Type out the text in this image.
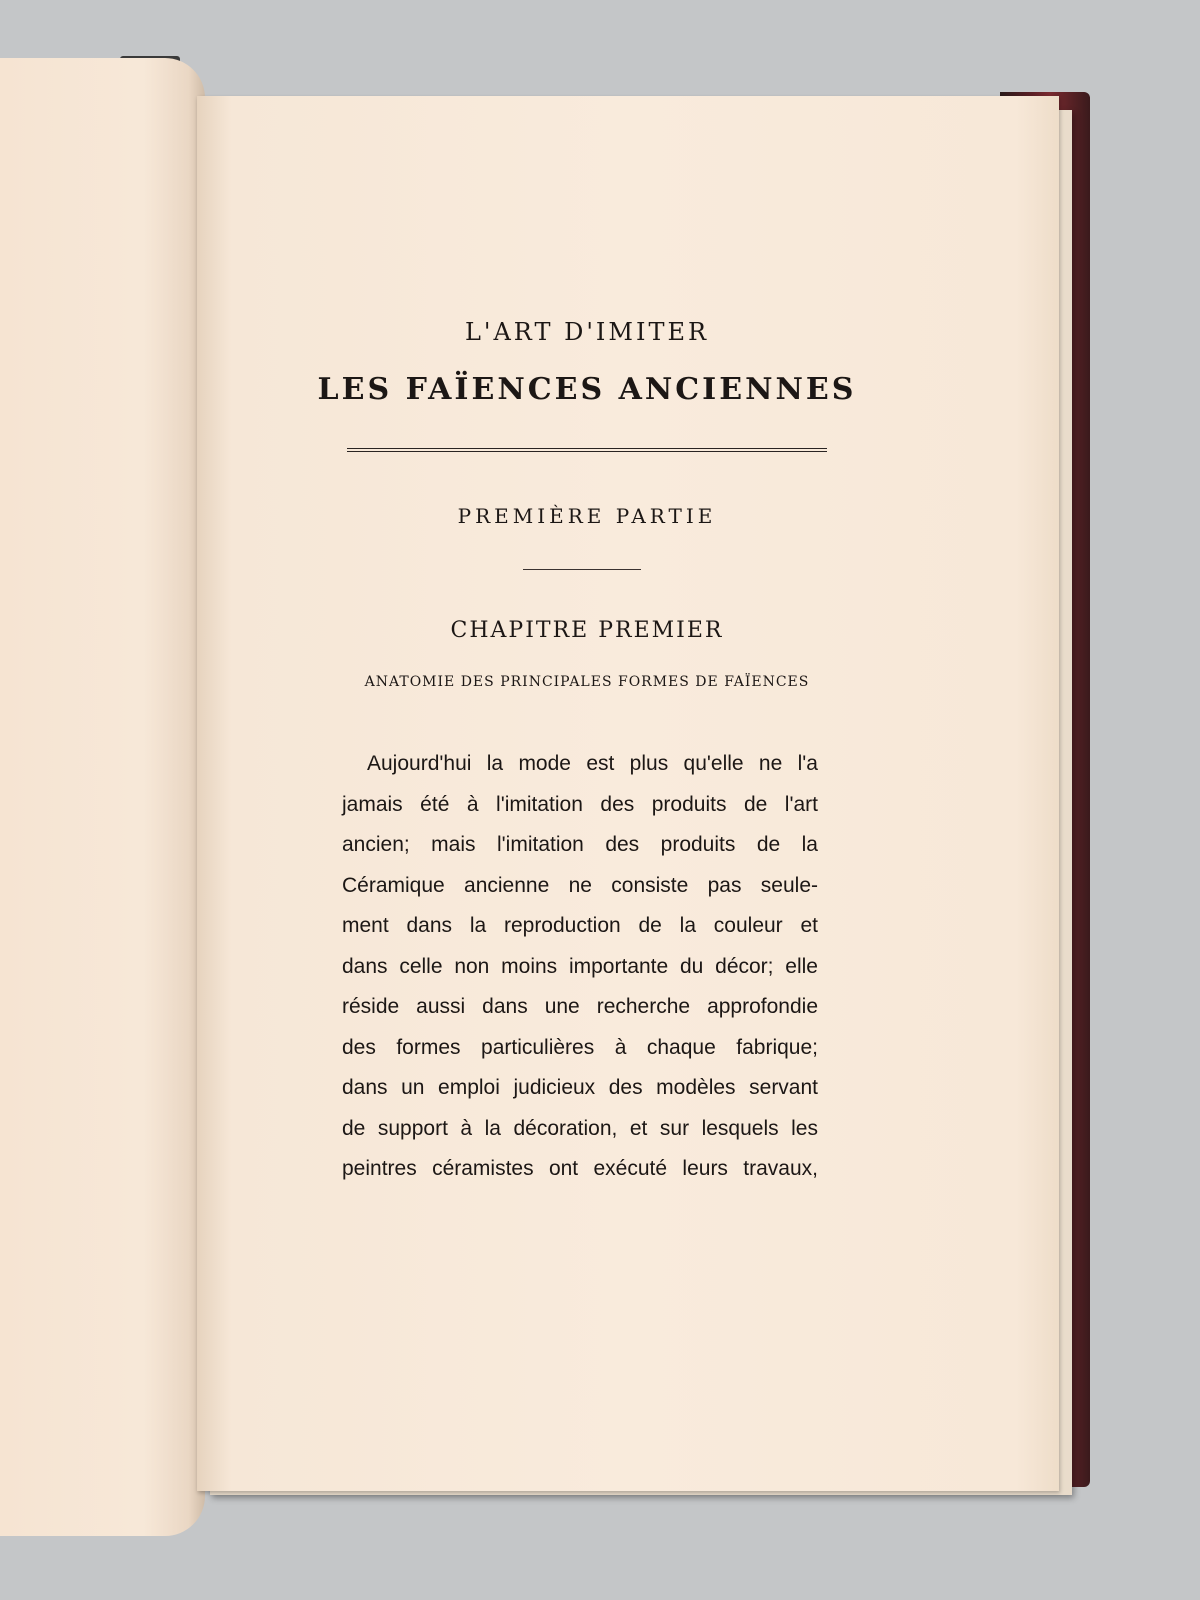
L'ART D'IMITER
LES FAÏENCES ANCIENNES
PREMIÈRE PARTIE
CHAPITRE PREMIER
ANATOMIE DES PRINCIPALES FORMES DE FAÏENCES
Aujourd'hui la mode est plus qu'elle ne l'a
jamais été à l'imitation des produits de l'art
ancien; mais l'imitation des produits de la
Céramique ancienne ne consiste pas seule-
ment dans la reproduction de la couleur et
dans celle non moins importante du décor; elle
réside aussi dans une recherche approfondie
des formes particulières à chaque fabrique;
dans un emploi judicieux des modèles servant
de support à la décoration, et sur lesquels les
peintres céramistes ont exécuté leurs travaux,
